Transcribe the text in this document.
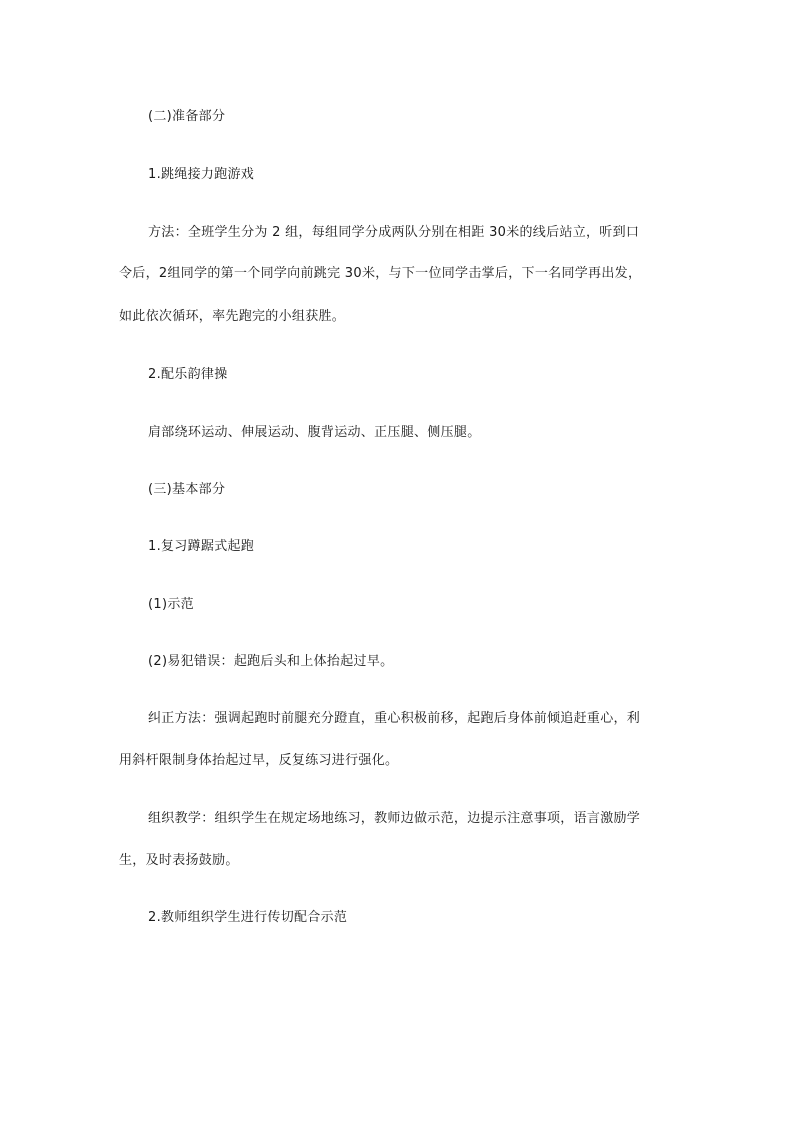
(二)准备部分
1.跳绳接力跑游戏
方法：全班学生分为 2 组，每组同学分成两队分别在相距 30米的线后站立，听到口
令后，2组同学的第一个同学向前跳完 30米，与下一位同学击掌后，下一名同学再出发，
如此依次循环，率先跑完的小组获胜。
2.配乐韵律操
肩部绕环运动、伸展运动、腹背运动、正压腿、侧压腿。
(三)基本部分
1.复习蹲踞式起跑
(1)示范
(2)易犯错误：起跑后头和上体抬起过早。
纠正方法：强调起跑时前腿充分蹬直，重心积极前移，起跑后身体前倾追赶重心，利
用斜杆限制身体抬起过早，反复练习进行强化。
组织教学：组织学生在规定场地练习，教师边做示范，边提示注意事项，语言激励学
生，及时表扬鼓励。
2.教师组织学生进行传切配合示范
